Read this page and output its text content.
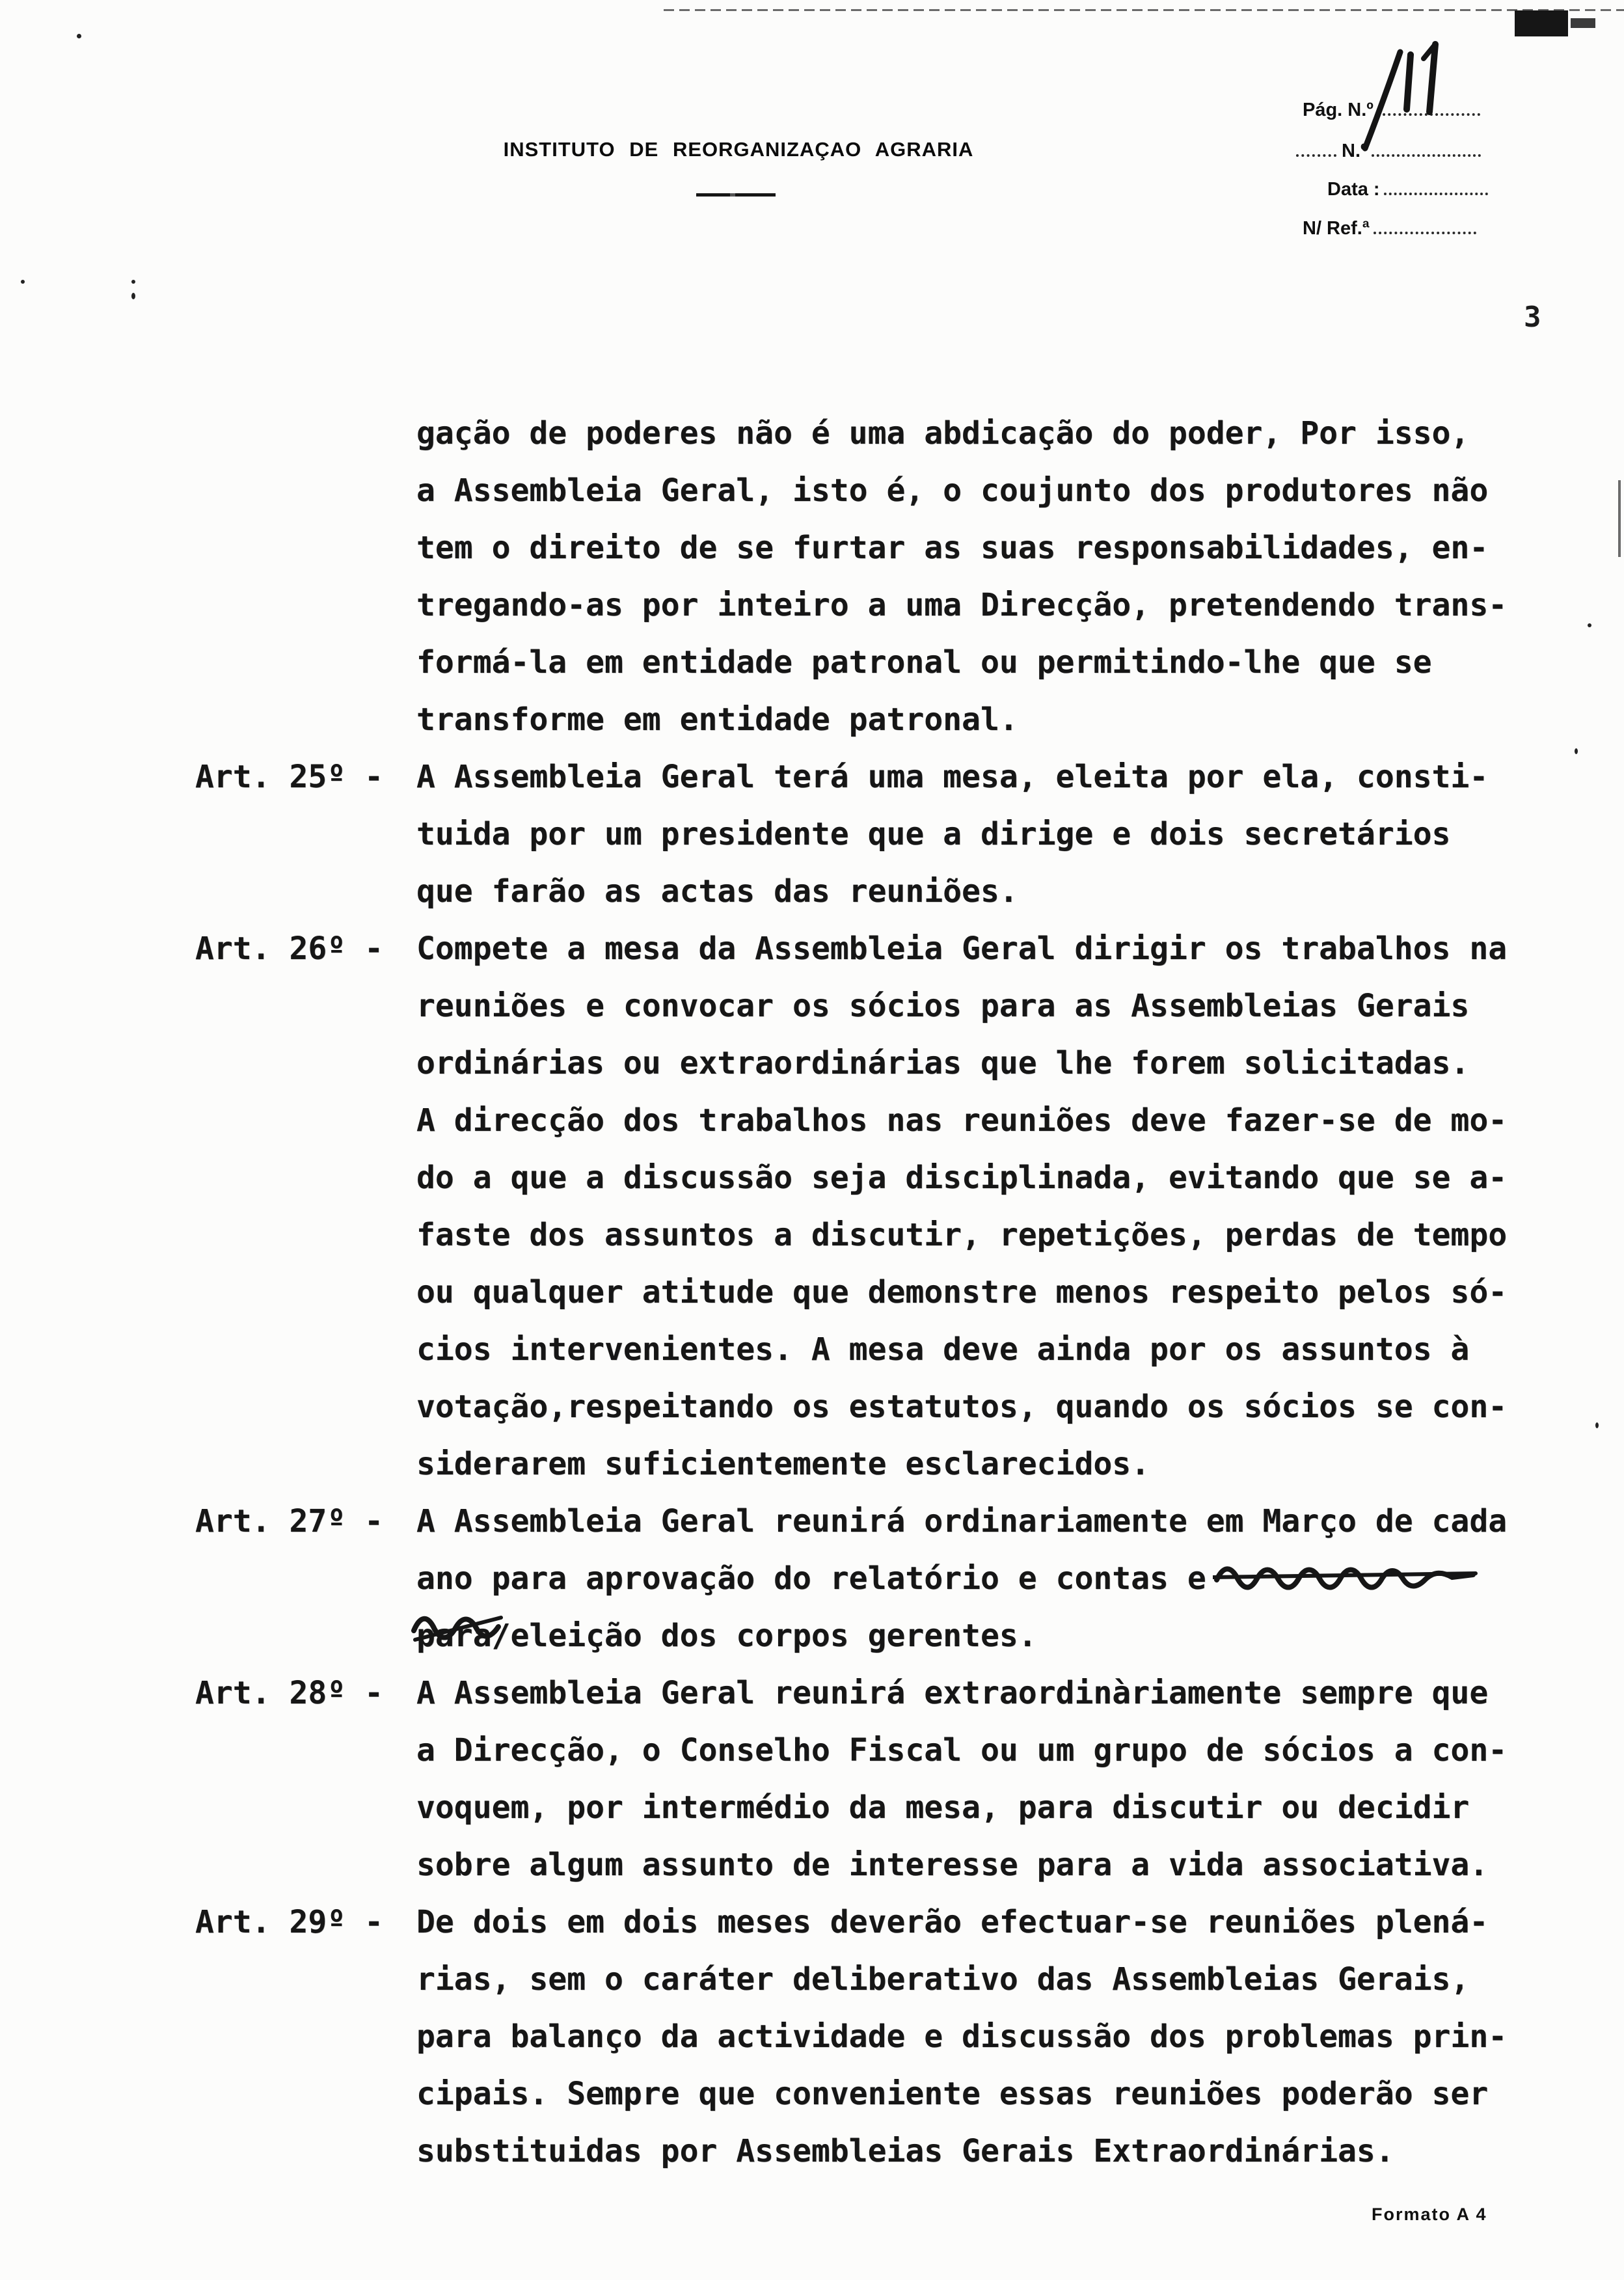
3
INSTITUTO DE REORGANIZAÇAO AGRARIA
Pág. N.º
N.º
Data :
N/ Ref.ª
gação de poderes não é uma abdicação do poder, Por isso,
a Assembleia Geral, isto é, o coujunto dos produtores não
tem o direito de se furtar as suas responsabilidades, en-
tregando-as por inteiro a uma Direcção, pretendendo trans-
formá-la em entidade patronal ou permitindo-lhe que se
transforme em entidade patronal.
Art. 25º - A Assembleia Geral terá uma mesa, eleita por ela, consti-
tuida por um presidente que a dirige e dois secretários
que farão as actas das reuniões.
Art. 26º - Compete a mesa da Assembleia Geral dirigir os trabalhos na
reuniões e convocar os sócios para as Assembleias Gerais
ordinárias ou extraordinárias que lhe forem solicitadas.
A direcção dos trabalhos nas reuniões deve fazer-se de mo-
do a que a discussão seja disciplinada, evitando que se a-
faste dos assuntos a discutir, repetições, perdas de tempo
ou qualquer atitude que demonstre menos respeito pelos só-
cios intervenientes. A mesa deve ainda por os assuntos à
votação,respeitando os estatutos, quando os sócios se con-
siderarem suficientemente esclarecidos.
Art. 27º - A Assembleia Geral reunirá ordinariamente em Março de cada
ano para aprovação do relatório e contas e
para
/eleição dos corpos gerentes.
Art. 28º - A Assembleia Geral reunirá extraordinàriamente sempre que
a Direcção, o Conselho Fiscal ou um grupo de sócios a con-
voquem, por intermédio da mesa, para discutir ou decidir
sobre algum assunto de interesse para a vida associativa.
Art. 29º - De dois em dois meses deverão efectuar-se reuniões plená-
rias, sem o caráter deliberativo das Assembleias Gerais,
para balanço da actividade e discussão dos problemas prin-
cipais. Sempre que conveniente essas reuniões poderão ser
substituidas por Assembleias Gerais Extraordinárias.
Formato A 4
